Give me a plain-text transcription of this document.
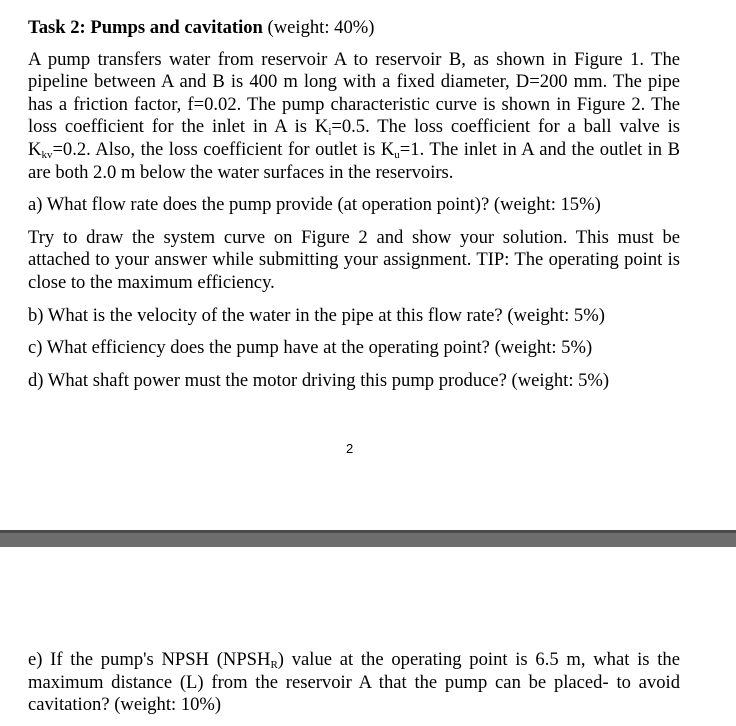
Task 2: Pumps and cavitation (weight: 40%)

A pump transfers water from reservoir A to reservoir B, as shown in Figure 1. The pipeline between A and B is 400 m long with a fixed diameter, D=200 mm. The pipe has a friction factor, f=0.02. The pump characteristic curve is shown in Figure 2. The loss coefficient for the inlet in A is $K_i=0.5$. The loss coefficient for a ball valve is $K_{kv}=0.2$. Also, the loss coefficient for outlet is $K_u=1$. The inlet in A and the outlet in B are both 2.0 m below the water surfaces in the reservoirs.

a) What flow rate does the pump provide (at operation point)? (weight: 15%)

Try to draw the system curve on Figure 2 and show your solution. This must be attached to your answer while submitting your assignment. TIP: The operating point is close to the maximum efficiency.

b) What is the velocity of the water in the pipe at this flow rate? (weight: 5%)

c) What efficiency does the pump have at the operating point? (weight: 5%)

d) What shaft power must the motor driving this pump produce? (weight: 5%)

2
e) If the pump's NPSH $(NPSH_R)$ value at the operating point is 6.5 m, what is the maximum distance (L) from the reservoir A that the pump can be placed- to avoid cavitation? (weight: 10%)
